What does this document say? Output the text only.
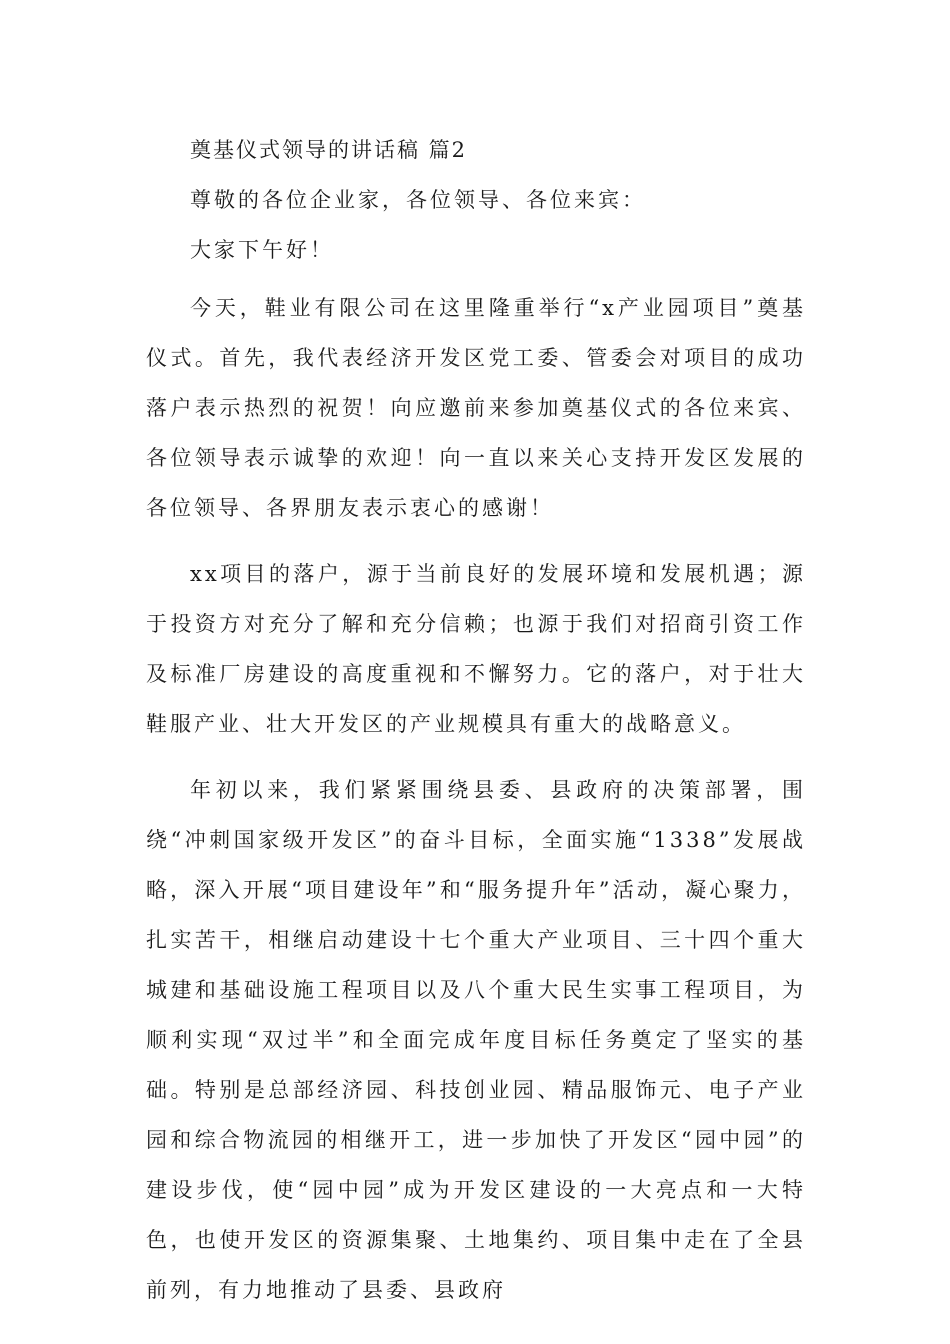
奠基仪式领导的讲话稿 篇2
尊敬的各位企业家，各位领导、各位来宾：
大家下午好！

今天，鞋业有限公司在这里隆重举行“x产业园项目”奠基仪式。首先，我代表经济开发区党工委、管委会对项目的成功落户表示热烈的祝贺！向应邀前来参加奠基仪式的各位来宾、各位领导表示诚挚的欢迎！向一直以来关心支持开发区发展的各位领导、各界朋友表示衷心的感谢！

xx项目的落户，源于当前良好的发展环境和发展机遇；源于投资方对充分了解和充分信赖；也源于我们对招商引资工作及标准厂房建设的高度重视和不懈努力。它的落户，对于壮大鞋服产业、壮大开发区的产业规模具有重大的战略意义。

年初以来，我们紧紧围绕县委、县政府的决策部署，围绕“冲刺国家级开发区”的奋斗目标，全面实施“1338”发展战略，深入开展“项目建设年”和“服务提升年”活动，凝心聚力，扎实苦干，相继启动建设十七个重大产业项目、三十四个重大城建和基础设施工程项目以及八个重大民生实事工程项目，为顺利实现“双过半”和全面完成年度目标任务奠定了坚实的基础。特别是总部经济园、科技创业园、精品服饰元、电子产业园和综合物流园的相继开工，进一步加快了开发区“园中园”的建设步伐，使“园中园”成为开发区建设的一大亮点和一大特色，也使开发区的资源集聚、土地集约、项目集中走在了全县前列，有力地推动了县委、县政府
